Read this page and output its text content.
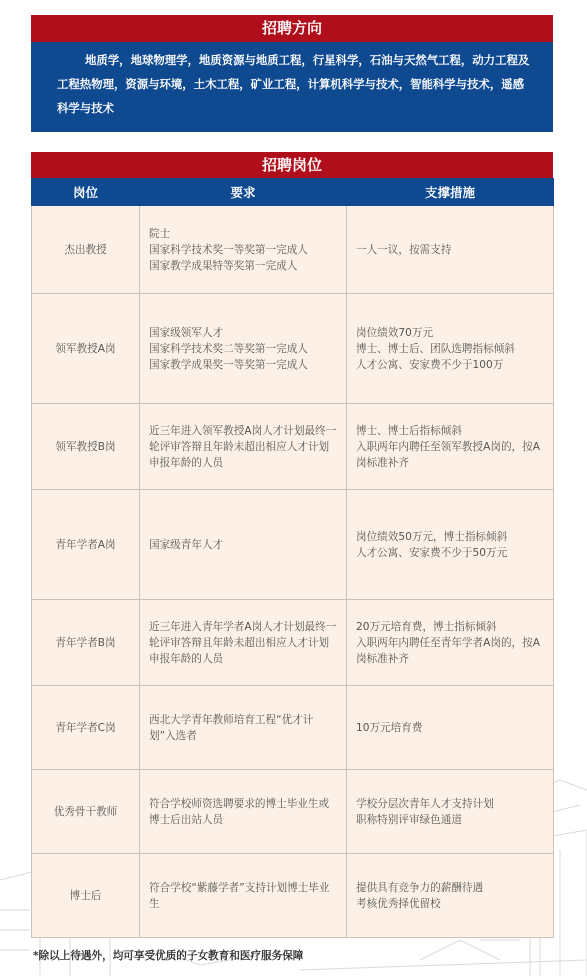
招聘方向
地质学，地球物理学，地质资源与地质工程，行星科学，石油与天然气工程，动力工程及工程热物理，资源与环境，土木工程，矿业工程，计算机科学与技术，智能科学与技术，遥感科学与技术
招聘岗位
岗位	要求	支撑措施
杰出教授	院士
国家科学技术奖一等奖第一完成人
国家教学成果特等奖第一完成人	一人一议，按需支持

领军教授A岗	国家级领军人才
国家科学技术奖二等奖第一完成人
国家教学成果奖一等奖第一完成人	岗位绩效70万元
博士、博士后、团队选聘指标倾斜
人才公寓、安家费不少于100万

领军教授B岗	近三年进入领军教授A岗人才计划最终一轮评审答辩且年龄未超出相应人才计划申报年龄的人员	博士、博士后指标倾斜
入职两年内聘任至领军教授A岗的，按A岗标准补齐

青年学者A岗	国家级青年人才	岗位绩效50万元，博士指标倾斜
人才公寓、安家费不少于50万元

青年学者B岗	近三年进入青年学者A岗人才计划最终一轮评审答辩且年龄未超出相应人才计划申报年龄的人员	20万元培育费，博士指标倾斜
入职两年内聘任至青年学者A岗的，按A岗标准补齐

青年学者C岗	西北大学青年教师培育工程“优才计划”入选者	10万元培育费

优秀骨干教师	符合学校师资选聘要求的博士毕业生或博士后出站人员	学校分层次青年人才支持计划
职称特别评审绿色通道

博士后	符合学校“紫藤学者”支持计划博士毕业生	提供具有竞争力的薪酬待遇
考核优秀择优留校
*除以上待遇外，均可享受优质的子女教育和医疗服务保障
